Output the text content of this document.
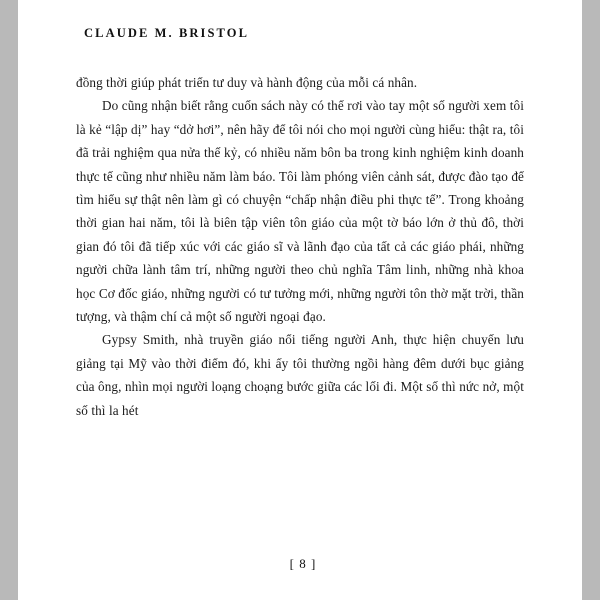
CLAUDE M. BRISTOL

đồng thời giúp phát triển tư duy và hành động của mỗi cá nhân.

Do cũng nhận biết rằng cuốn sách này có thể rơi vào tay một số người xem tôi là kẻ “lập dị” hay “dở hơi”, nên hãy để tôi nói cho mọi người cùng hiểu: thật ra, tôi đã trải nghiệm qua nửa thế kỷ, có nhiều năm bôn ba trong kinh nghiệm kinh doanh thực tế cũng như nhiều năm làm báo. Tôi làm phóng viên cảnh sát, được đào tạo để tìm hiểu sự thật nên làm gì có chuyện “chấp nhận điều phi thực tế”. Trong khoảng thời gian hai năm, tôi là biên tập viên tôn giáo của một tờ báo lớn ở thủ đô, thời gian đó tôi đã tiếp xúc với các giáo sĩ và lãnh đạo của tất cả các giáo phái, những người chữa lành tâm trí, những người theo chủ nghĩa Tâm linh, những nhà khoa học Cơ đốc giáo, những người có tư tưởng mới, những người tôn thờ mặt trời, thần tượng, và thậm chí cả một số người ngoại đạo.

Gypsy Smith, nhà truyền giáo nổi tiếng người Anh, thực hiện chuyến lưu giảng tại Mỹ vào thời điểm đó, khi ấy tôi thường ngồi hàng đêm dưới bục giảng của ông, nhìn mọi người loạng choạng bước giữa các lối đi. Một số thì nức nở, một số thì la hét

[ 8 ]
